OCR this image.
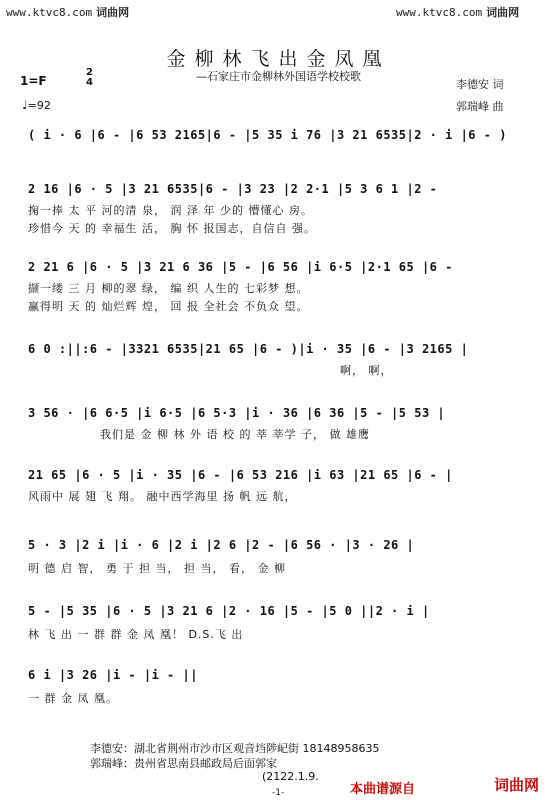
www.ktvc8.com 词曲网	www.ktvc8.com 词曲网
金柳林飞出金凤凰
—石家庄市金柳林外国语学校校歌
李德安 词
郭瑞峰 曲
1=F
2
4
♩=92
( i · 6 |6 - |6 53 2165|6 - |5 35 i 76 |3 21 6535|2 · i |6 - )
2 16 |6 · 5 |3 21 6535|6 - |3 23 |2 2·1 |5 3 6 1 |2 -
掬一捧 太 平 河的清 泉， 润 泽 年 少的 懵懂心 房。
珍惜今 天 的 幸福生 活， 胸 怀 报国志，自信自 强。
2 21 6 |6 · 5 |3 21 6 36 |5 - |6 56 |i 6·5 |2·1 65 |6 -
撷一缕 三 月 柳的翠 绿， 编 织 人生的 七彩梦 想。
赢得明 天 的 灿烂辉 煌， 回 报 全社会 不负众 望。
6 0 :||:6 - |3321 6535|21 65 |6 - )|i · 35 |6 - |3 2165 |
啊， 啊，
3 56 · |6 6·5 |i 6·5 |6 5·3 |i · 36 |6 36 |5 - |5 53 |
我们是 金 柳 林 外 语 校 的 莘 莘学 子， 做 雄鹰
21 65 |6 · 5 |i · 35 |6 - |6 53 216 |i 63 |21 65 |6 - |
风雨中 展 翅 飞 翔。 融中西学海里 扬 帆 远 航，
5 · 3 |2 i |i · 6 |2 i |2 6 |2 - |6 56 · |3 · 26 |
明 德 启 智， 勇 于 担 当， 担 当， 看， 金 柳
5 - |5 35 |6 · 5 |3 21 6 |2 · 16 |5 - |5 0 ||2 · i |
林 飞 出 一 群 群 金 凤 凰！ D.S.飞 出
6 i |3 26 |i - |i - ||
一 群 金 凤 凰。
李德安：湖北省荆州市沙市区观音垱陟屺街 18148958635
郭瑞峰：贵州省思南县邮政局后面郭家
(2122.1.9.
-1-	本曲谱源自	词曲网
